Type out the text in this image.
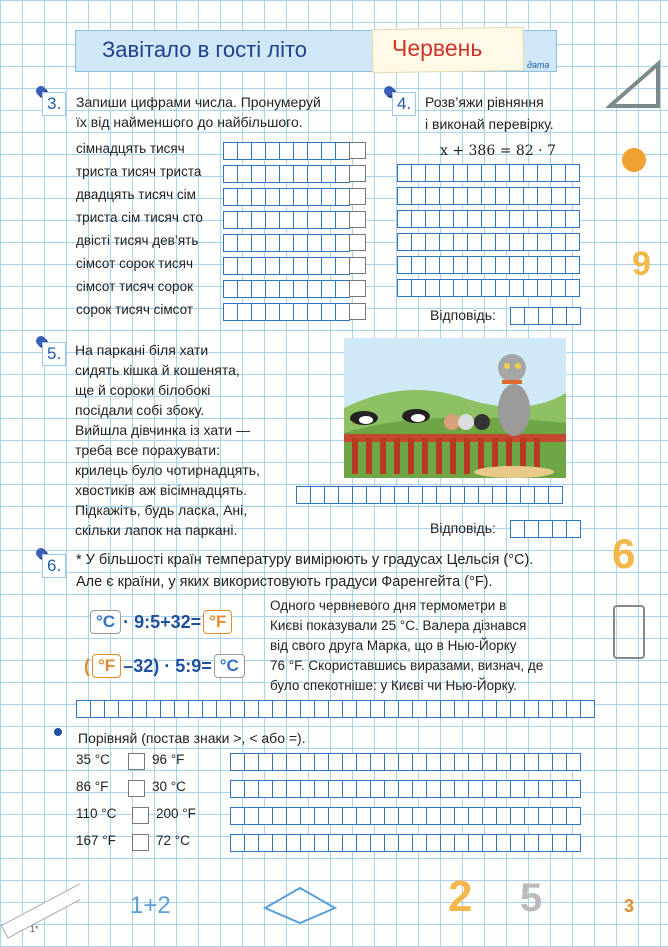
Завітало в гості літо	Червень
дата
3.	Запиши цифрами числа. Пронумеруй
їх від найменшого до найбільшого.
сімнадцять тисяч
триста тисяч триста
двадцять тисяч сім
триста сім тисяч сто
двісті тисяч дев’ять
сімсот сорок тисяч
сімсот тисяч сорок
сорок тисяч сімсот
4. Розв’яжи рівняння
і виконай перевірку.
x + 386 = 82 · 7
Відповідь:
5. На паркані біля хати
сидять кішка й кошенята,
ще й сороки білобокі
посідали собі збоку.
Вийшла дівчинка із хати —
треба все порахувати:
крилець було чотирнадцять,
хвостиків аж вісімнадцять.
Підкажіть, будь ласка, Ані,
скільки лапок на паркані.	Відповідь:
6.	* У більшості країн температуру вимірюють у градусах Цельсія (°С).
Але є країни, у яких використовують градуси Фаренгейта (°F).
°С · 9:5+32= °F
( °F –32) · 5:9= °С
Одного червневого дня термометри в
Києві показували 25 °С. Валера дізнався
від свого друга Марка, що в Нью-Йорку
76 °F. Скориставшись виразами, визнач, де
було спекотніше: у Києві чи Нью-Йорку.
Порівняй (постав знаки >, < або =).
35 °С	96 °F
86 °F	30 °С
110 °С	200 °F
167 °F	72 °С
9
6
2 5
1+2
1*
3
